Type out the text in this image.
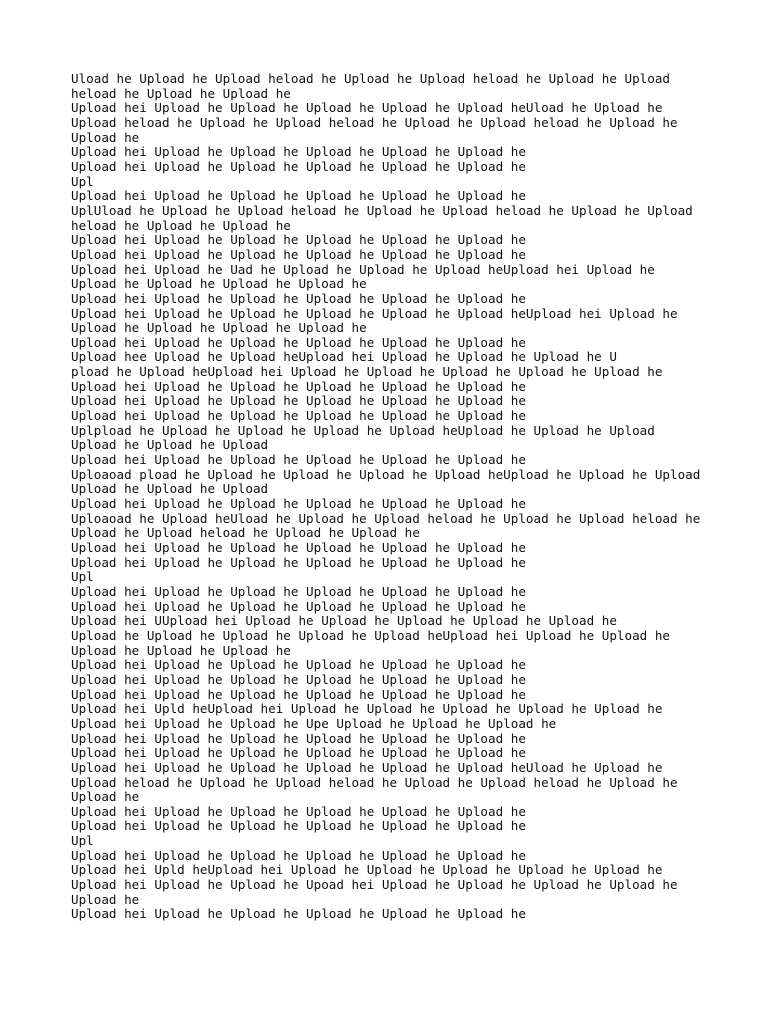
Uload he Upload he Upload heload he Upload he Upload heload he Upload he Upload
heload he Upload he Upload he
Upload hei Upload he Upload he Upload he Upload he Upload heUload he Upload he
Upload heload he Upload he Upload heload he Upload he Upload heload he Upload he
Upload he
Upload hei Upload he Upload he Upload he Upload he Upload he
Upload hei Upload he Upload he Upload he Upload he Upload he
Upl
Upload hei Upload he Upload he Upload he Upload he Upload he
UplUload he Upload he Upload heload he Upload he Upload heload he Upload he Upload
heload he Upload he Upload he
Upload hei Upload he Upload he Upload he Upload he Upload he
Upload hei Upload he Upload he Upload he Upload he Upload he
Upload hei Upload he Uad he Upload he Upload he Upload heUpload hei Upload he
Upload he Upload he Upload he Upload he
Upload hei Upload he Upload he Upload he Upload he Upload he
Upload hei Upload he Upload he Upload he Upload he Upload heUpload hei Upload he
Upload he Upload he Upload he Upload he
Upload hei Upload he Upload he Upload he Upload he Upload he
Upload hee Upload he Upload heUpload hei Upload he Upload he Upload he U
pload he Upload heUpload hei Upload he Upload he Upload he Upload he Upload he
Upload hei Upload he Upload he Upload he Upload he Upload he
Upload hei Upload he Upload he Upload he Upload he Upload he
Upload hei Upload he Upload he Upload he Upload he Upload he
Uplpload he Upload he Upload he Upload he Upload heUpload he Upload he Upload
Upload he Upload he Upload
Upload hei Upload he Upload he Upload he Upload he Upload he
Uploaoad pload he Upload he Upload he Upload he Upload heUpload he Upload he Upload
Upload he Upload he Upload
Upload hei Upload he Upload he Upload he Upload he Upload he
Uploaoad he Upload heUload he Upload he Upload heload he Upload he Upload heload he
Upload he Upload heload he Upload he Upload he
Upload hei Upload he Upload he Upload he Upload he Upload he
Upload hei Upload he Upload he Upload he Upload he Upload he
Upl
Upload hei Upload he Upload he Upload he Upload he Upload he
Upload hei Upload he Upload he Upload he Upload he Upload he
Upload hei UUpload hei Upload he Upload he Upload he Upload he Upload he
Upload he Upload he Upload he Upload he Upload heUpload hei Upload he Upload he
Upload he Upload he Upload he
Upload hei Upload he Upload he Upload he Upload he Upload he
Upload hei Upload he Upload he Upload he Upload he Upload he
Upload hei Upload he Upload he Upload he Upload he Upload he
Upload hei Upld heUpload hei Upload he Upload he Upload he Upload he Upload he
Upload hei Upload he Upload he Upe Upload he Upload he Upload he
Upload hei Upload he Upload he Upload he Upload he Upload he
Upload hei Upload he Upload he Upload he Upload he Upload he
Upload hei Upload he Upload he Upload he Upload he Upload heUload he Upload he
Upload heload he Upload he Upload heload he Upload he Upload heload he Upload he
Upload he
Upload hei Upload he Upload he Upload he Upload he Upload he
Upload hei Upload he Upload he Upload he Upload he Upload he
Upl
Upload hei Upload he Upload he Upload he Upload he Upload he
Upload hei Upld heUpload hei Upload he Upload he Upload he Upload he Upload he
Upload hei Upload he Upload he Upoad hei Upload he Upload he Upload he Upload he
Upload he
Upload hei Upload he Upload he Upload he Upload he Upload he
